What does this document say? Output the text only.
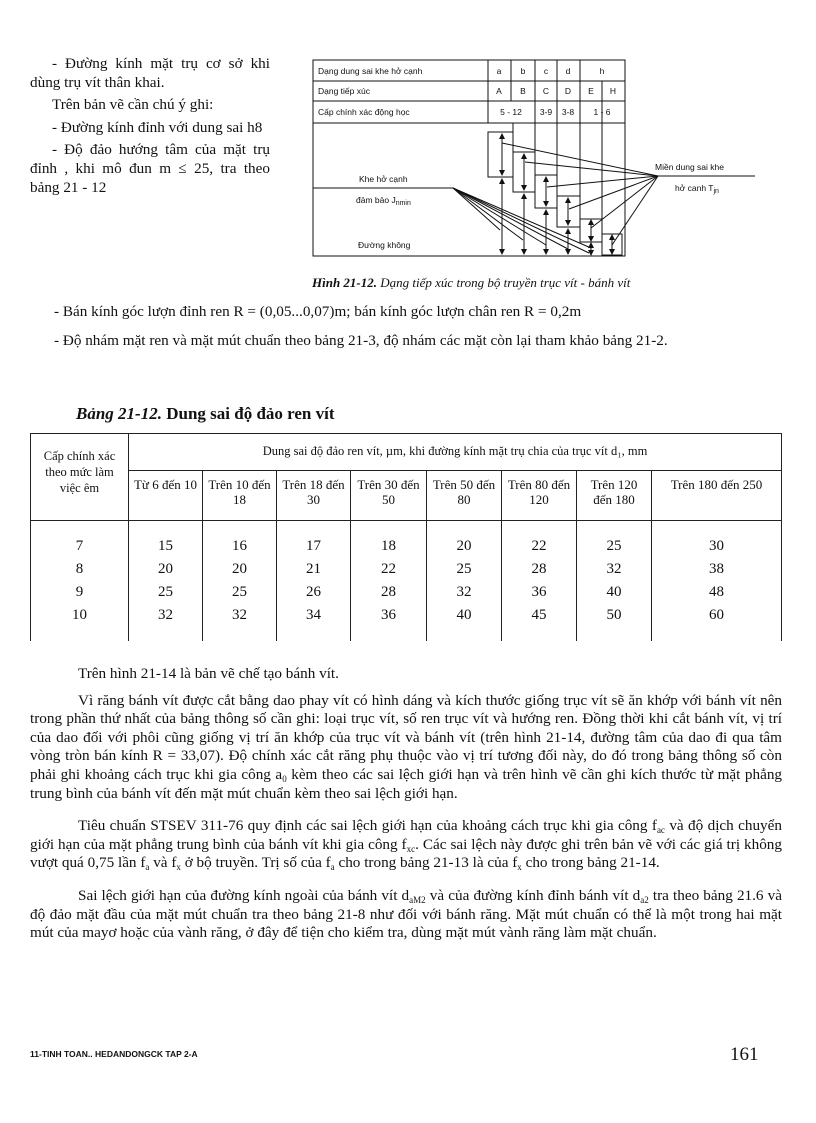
- Đường kính mặt trụ cơ sở khi dùng trụ vít thân khai.

Trên bản vẽ cần chú ý ghi:

- Đường kính đỉnh với dung sai h8

- Độ đảo hướng tâm của mặt trụ đỉnh , khi mô đun m ≤ 25, tra theo bảng 21 - 12

Dạng dung sai khe hở cạnh	a b c d	h
Dạng tiếp xúc	A B C D E H
Cấp chính xác động học	5 - 12 3-9 3-8 1 - 6
Khe hở cạnh
đảm bảo $J_{nmin}$
Đường không
Miền dung sai khe
hở canh $T_{jn}$
Hình 21-12. Dạng tiếp xúc trong bộ truyền trục vít - bánh vít

- Bán kính góc lượn đỉnh ren R = (0,05...0,07)m; bán kính góc lượn chân ren R = 0,2m

- Độ nhám mặt ren và mặt mút chuẩn theo bảng 21-3, độ nhám các mặt còn lại tham khảo bảng 21-2.

Bảng 21-12. Dung sai độ đảo ren vít
Cấp chính xác theo mức làm việc êm	Dung sai độ đảo ren vít, µm, khi đường kính mặt trụ chia của trục vít d₁, mm							
	Từ 6 đến 10	Trên 10 đến 18	Trên 18 đến 30	Trên 30 đến 50	Trên 50 đến 80	Trên 80 đến 120	Trên 120 đến 180	Trên 180 đến 250
7	15	16	17	18	20	22	25	30
8	20	20	21	22	25	28	32	38
9	25	25	26	28	32	36	40	48
10	32	32	34	36	40	45	50	60

Trên hình 21-14 là bản vẽ chế tạo bánh vít.

Vì răng bánh vít được cắt bằng dao phay vít có hình dáng và kích thước giống trục vít sẽ ăn khớp với bánh vít nên trong phần thứ nhất của bảng thông số cần ghi: loại trục vít, số ren trục vít và hướng ren. Đồng thời khi cắt bánh vít, vị trí của dao đối với phôi cũng giống vị trí ăn khớp của trục vít và bánh vít (trên hình 21-14, đường tâm của dao đi qua tâm vòng tròn bán kính R = 33,07). Độ chính xác cắt răng phụ thuộc vào vị trí tương đối này, do đó trong bảng thông số còn phải ghi khoảng cách trục khi gia công $a_0$ kèm theo các sai lệch giới hạn và trên hình vẽ cần ghi kích thước từ mặt phẳng trung bình của bánh vít đến mặt mút chuẩn kèm theo sai lệch giới hạn.

Tiêu chuẩn STSEV 311-76 quy định các sai lệch giới hạn của khoảng cách trục khi gia công $f_{ac}$ và độ dịch chuyển giới hạn của mặt phẳng trung bình của bánh vít khi gia công $f_{xc}$. Các sai lệch này được ghi trên bản vẽ với các giá trị không vượt quá 0,75 lần $f_a$ và $f_x$ ở bộ truyền. Trị số của $f_a$ cho trong bảng 21-13 là của $f_x$ cho trong bảng 21-14.

Sai lệch giới hạn của đường kính ngoài của bánh vít $d_{aM2}$ và của đường kính đỉnh bánh vít $d_{a2}$ tra theo bảng 21.6 và độ đảo mặt đầu của mặt mút chuẩn tra theo bảng 21-8 như đối với bánh răng. Mặt mút chuẩn có thể là một trong hai mặt mút của mayơ hoặc của vành răng, ở đây để tiện cho kiểm tra, dùng mặt mút vành răng làm mặt chuẩn.

11-TINH TOAN.. HEDANDONGCK TAP 2-A	161
